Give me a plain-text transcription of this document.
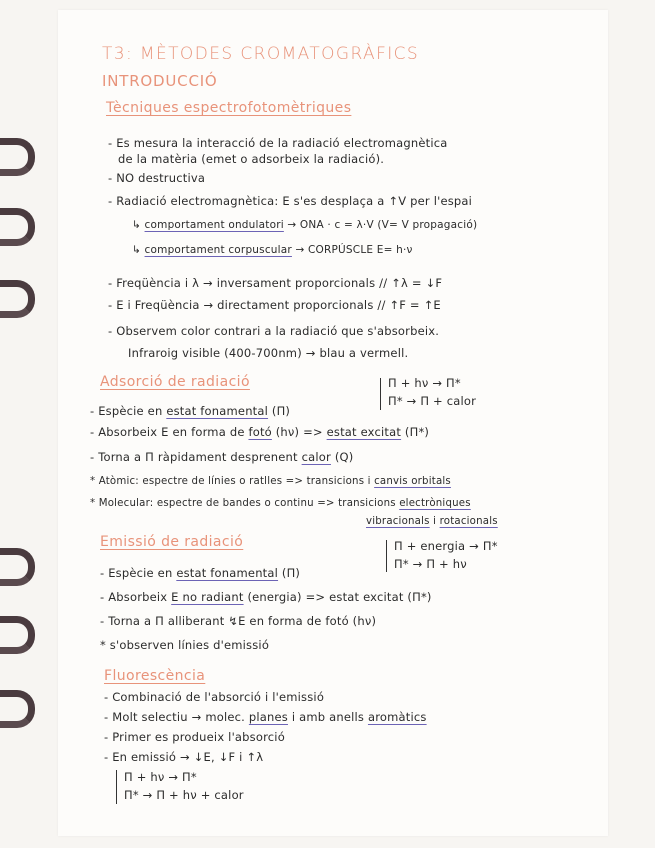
T3: MÈTODES CROMATOGRÀFICS
INTRODUCCIÓ
Tècniques espectrofotomètriques
- Es mesura la interacció de la radiació electromagnètica
de la matèria (emet o adsorbeix la radiació).
- NO destructiva
- Radiació electromagnètica: E s'es desplaça a ↑V per l'espai
↳ comportament ondulatori → ONA · c = λ·V (V= V propagació)
↳ comportament corpuscular → CORPÚSCLE E= h·ν
- Freqüència i λ → inversament proporcionals // ↑λ = ↓F
- E i Freqüència → directament proporcionals // ↑F = ↑E
- Observem color contrari a la radiació que s'absorbeix.
Infraroig visible (400-700nm) → blau a vermell.
Adsorció de radiació	Π + hν → Π*
Π* → Π + calor
- Espècie en estat fonamental (Π)
- Absorbeix E en forma de fotó (hν) => estat excitat (Π*)
- Torna a Π ràpidament desprenent calor (Q)
* Atòmic: espectre de línies o ratlles => transicions i canvis orbitals
* Molecular: espectre de bandes o continu => transicions electròniques
vibracionals i rotacionals
Emissió de radiació	Π + energia → Π*
Π* → Π + hν
- Espècie en estat fonamental (Π)
- Absorbeix E no radiant (energia) => estat excitat (Π*)
- Torna a Π alliberant ↯E en forma de fotó (hν)
* s'observen línies d'emissió
Fluorescència
- Combinació de l'absorció i l'emissió
- Molt selectiu → molec. planes i amb anells aromàtics
- Primer es produeix l'absorció
- En emissió → ↓E, ↓F i ↑λ
Π + hν → Π*
Π* → Π + hν + calor
